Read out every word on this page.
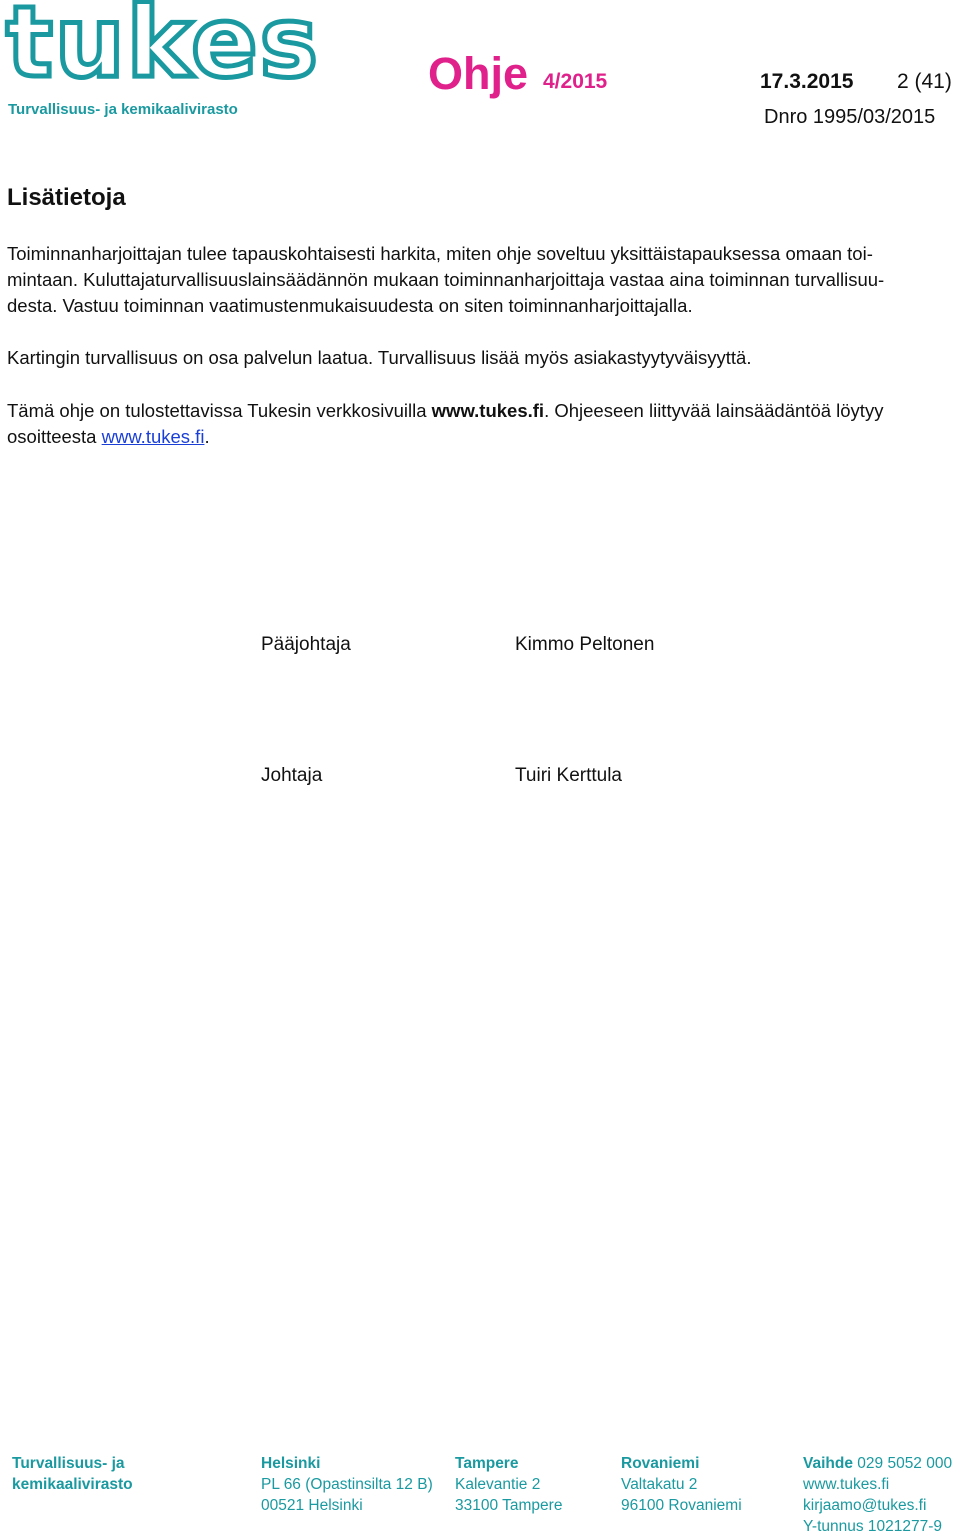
tukes
Turvallisuus- ja kemikaalivirasto
Ohje 4/2015	17.3.2015 2 (41)
Dnro 1995/03/2015
Lisätietoja
Toiminnanharjoittajan tulee tapauskohtaisesti harkita, miten ohje soveltuu yksittäistapauksessa omaan toi-
mintaan. Kuluttajaturvallisuuslainsäädännön mukaan toiminnanharjoittaja vastaa aina toiminnan turvallisuu-
desta. Vastuu toiminnan vaatimustenmukaisuudesta on siten toiminnanharjoittajalla.
Kartingin turvallisuus on osa palvelun laatua. Turvallisuus lisää myös asiakastyytyväisyyttä.
Tämä ohje on tulostettavissa Tukesin verkkosivuilla www.tukes.fi. Ohjeeseen liittyvää lainsäädäntöä löytyy
osoitteesta www.tukes.fi.
Pääjohtaja	Kimmo Peltonen
Johtaja	Tuiri Kerttula
Turvallisuus- ja
kemikaalivirasto
Helsinki
PL 66 (Opastinsilta 12 B)
00521 Helsinki
Tampere
Kalevantie 2
33100 Tampere
Rovaniemi
Valtakatu 2
96100 Rovaniemi
Vaihde 029 5052 000
www.tukes.fi
kirjaamo@tukes.fi
Y-tunnus 1021277-9
